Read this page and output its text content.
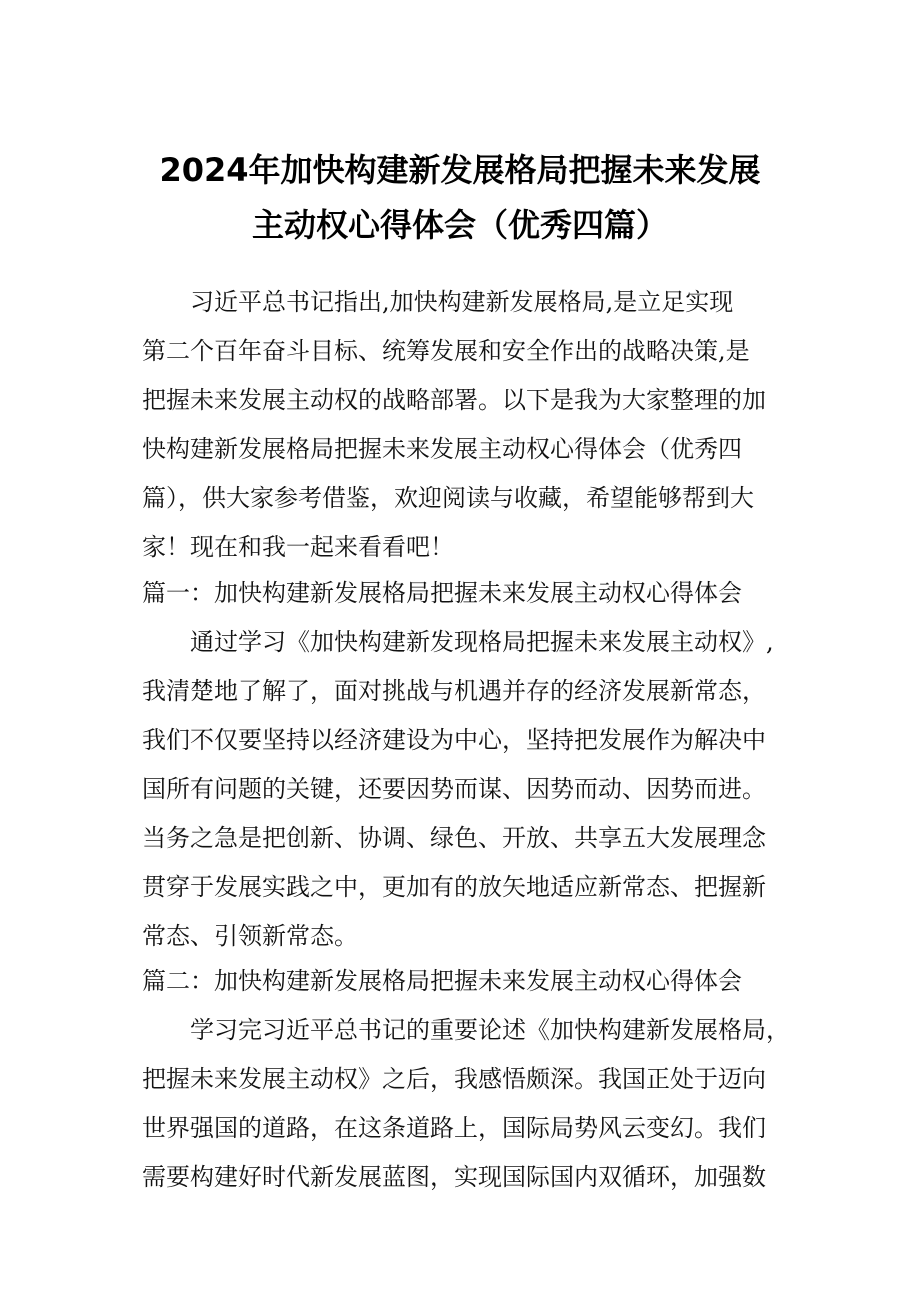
2024年加快构建新发展格局把握未来发展
主动权心得体会（优秀四篇）
习近平总书记指出,加快构建新发展格局,是立足实现
第二个百年奋斗目标、统筹发展和安全作出的战略决策,是
把握未来发展主动权的战略部署。以下是我为大家整理的加
快构建新发展格局把握未来发展主动权心得体会（优秀四
篇），供大家参考借鉴，欢迎阅读与收藏，希望能够帮到大
家！现在和我一起来看看吧！
篇一：加快构建新发展格局把握未来发展主动权心得体会
通过学习《加快构建新发现格局把握未来发展主动权》,
我清楚地了解了，面对挑战与机遇并存的经济发展新常态，
我们不仅要坚持以经济建设为中心，坚持把发展作为解决中
国所有问题的关键，还要因势而谋、因势而动、因势而进。
当务之急是把创新、协调、绿色、开放、共享五大发展理念
贯穿于发展实践之中，更加有的放矢地适应新常态、把握新
常态、引领新常态。
篇二：加快构建新发展格局把握未来发展主动权心得体会
学习完习近平总书记的重要论述《加快构建新发展格局，
把握未来发展主动权》之后，我感悟颇深。我国正处于迈向
世界强国的道路，在这条道路上，国际局势风云变幻。我们
需要构建好时代新发展蓝图，实现国际国内双循环，加强数
